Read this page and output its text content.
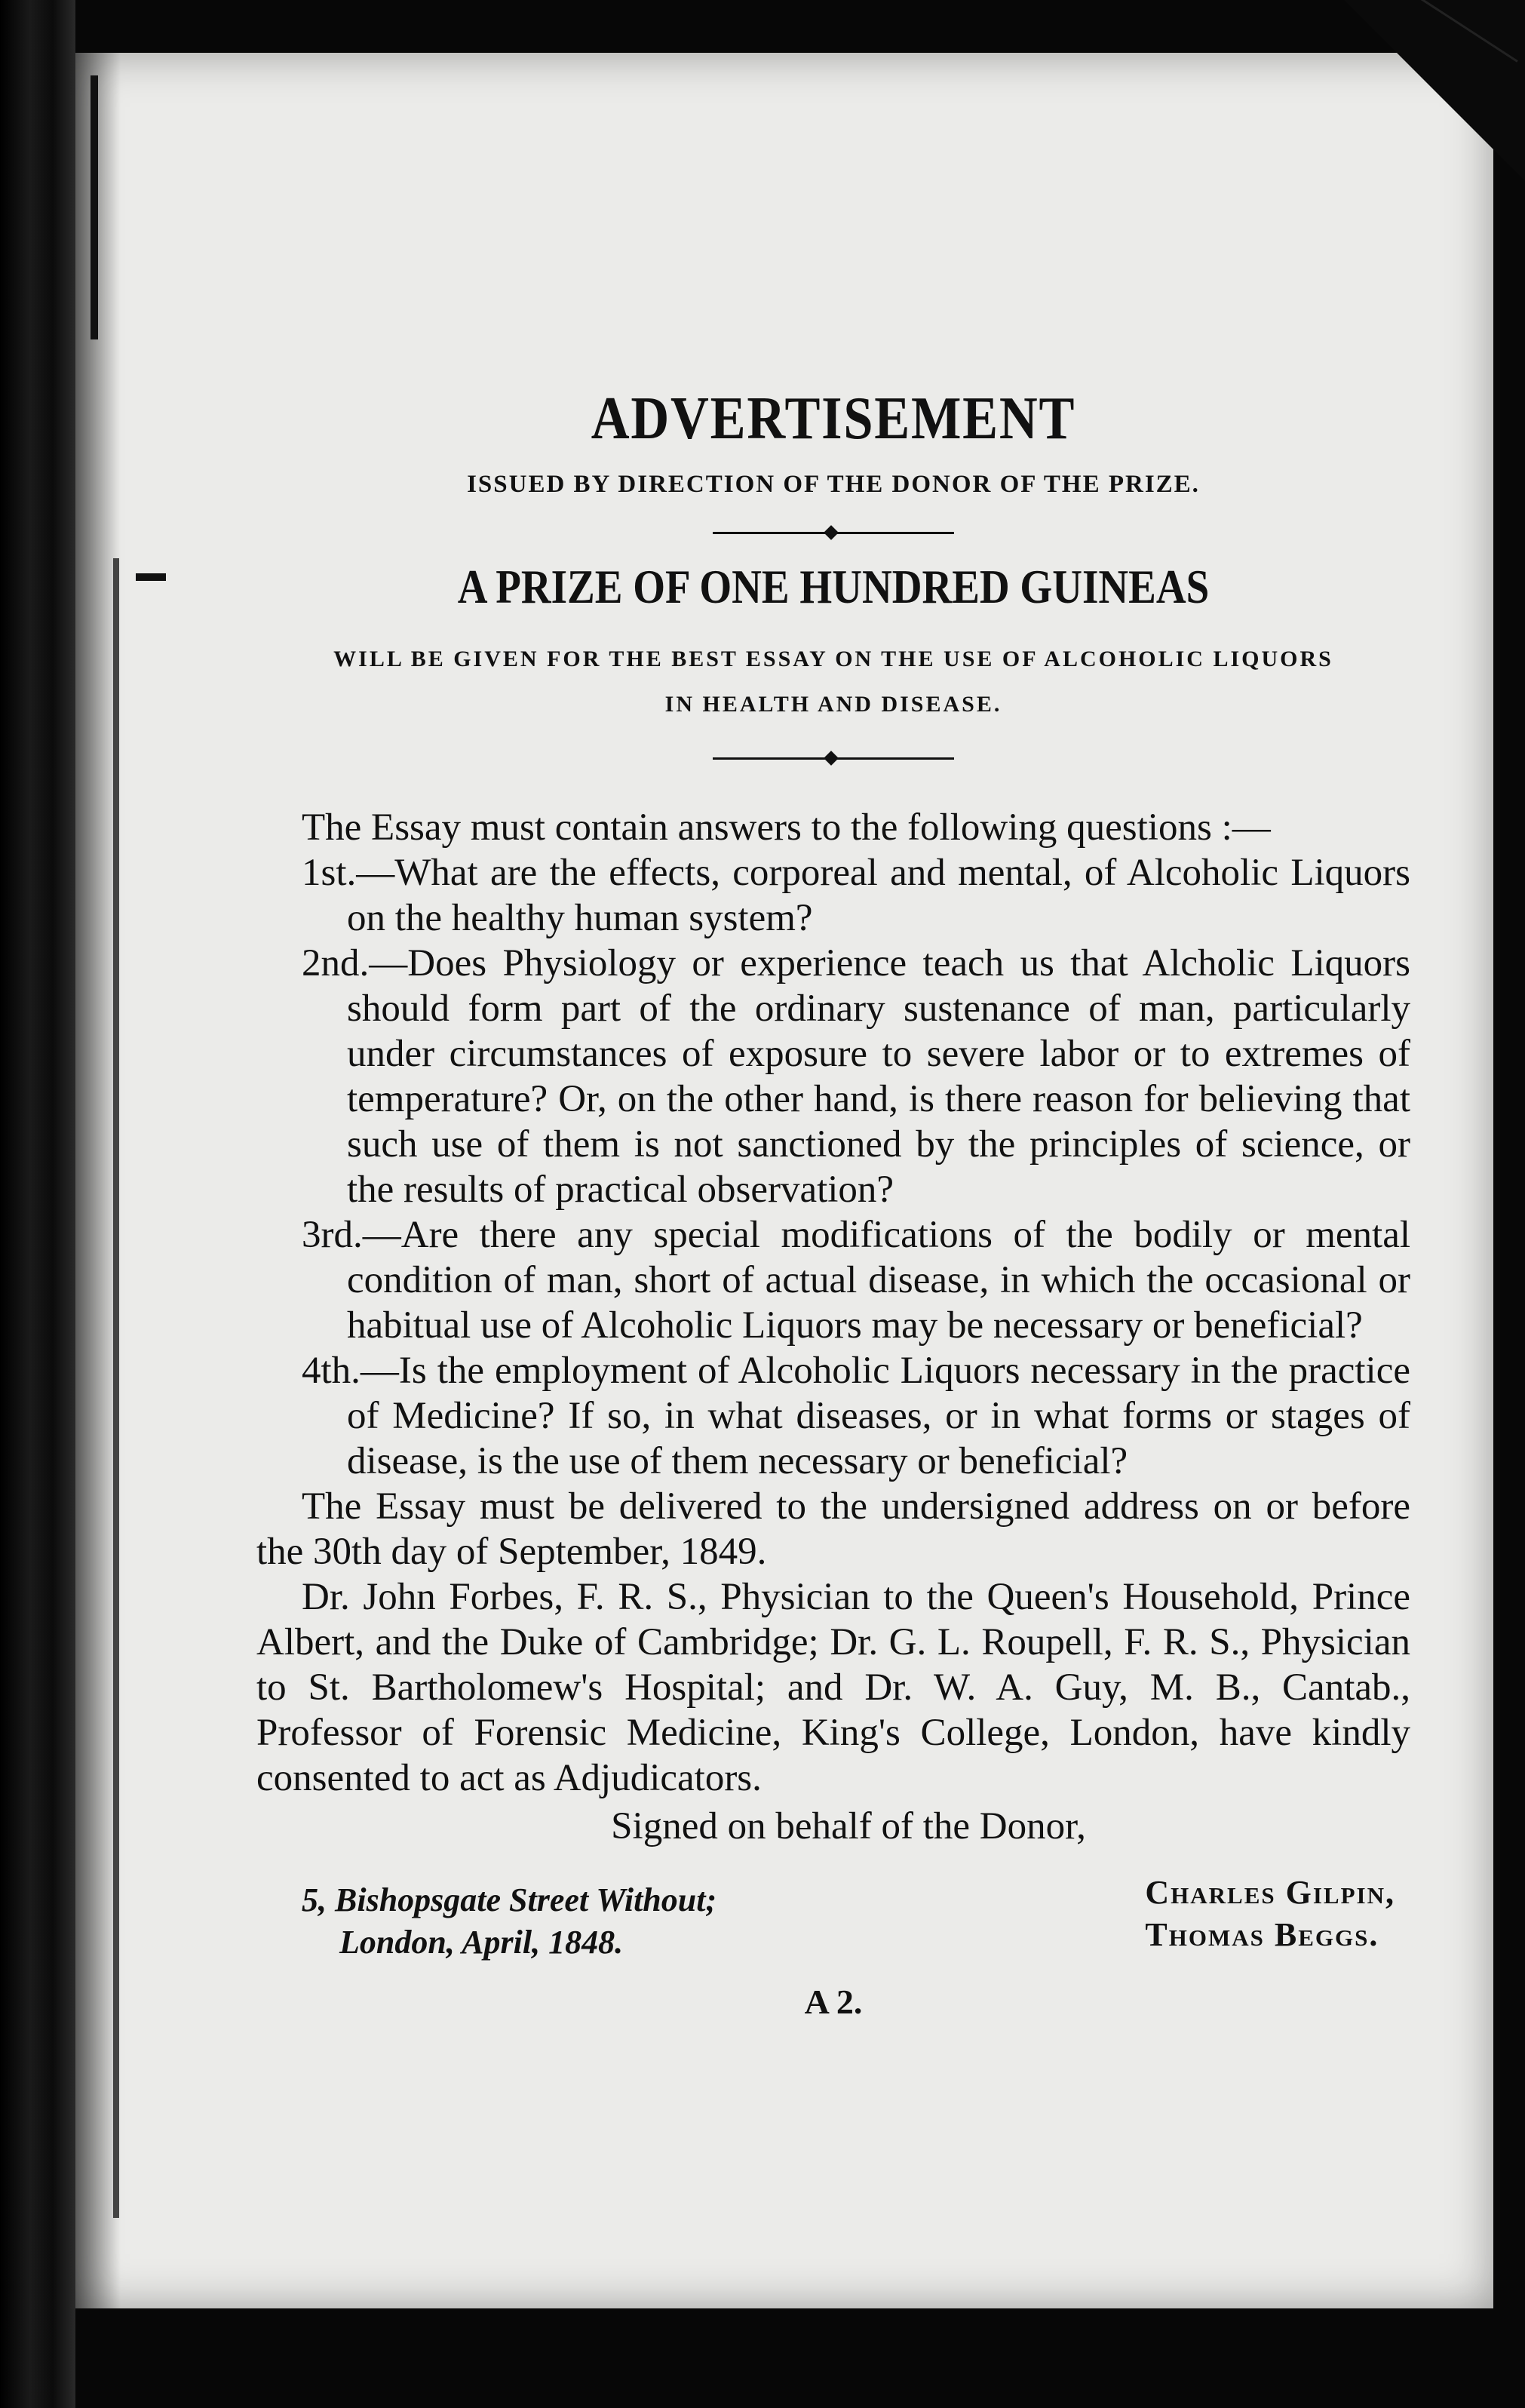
ADVERTISEMENT
ISSUED BY DIRECTION OF THE DONOR OF THE PRIZE.
A PRIZE OF ONE HUNDRED GUINEAS
WILL BE GIVEN FOR THE BEST ESSAY ON THE USE OF ALCOHOLIC LIQUORS
IN HEALTH AND DISEASE.

The Essay must contain answers to the following questions :—

1st.—What are the effects, corporeal and mental, of Alcoholic Liquors on the healthy human system?

2nd.—Does Physiology or experience teach us that Alcholic Liquors should form part of the ordinary sustenance of man, particularly under circumstances of exposure to severe labor or to extremes of temperature? Or, on the other hand, is there reason for believing that such use of them is not sanctioned by the principles of science, or the results of practical observation?

3rd.—Are there any special modifications of the bodily or mental condition of man, short of actual disease, in which the occasional or habitual use of Alcoholic Liquors may be necessary or beneficial?

4th.—Is the employment of Alcoholic Liquors necessary in the practice of Medicine? If so, in what diseases, or in what forms or stages of disease, is the use of them necessary or beneficial?

The Essay must be delivered to the undersigned address on or before the 30th day of September, 1849.

Dr. John Forbes, F. R. S., Physician to the Queen's Household, Prince Albert, and the Duke of Cambridge; Dr. G. L. Roupell, F. R. S., Physician to St. Bartholomew's Hospital; and Dr. W. A. Guy, M. B., Cantab., Professor of Forensic Medicine, King's College, London, have kindly consented to act as Adjudicators.

Signed on behalf of the Donor,
5, Bishopsgate Street Without;
London, April, 1848.
Charles Gilpin,
Thomas Beggs.
A 2.
